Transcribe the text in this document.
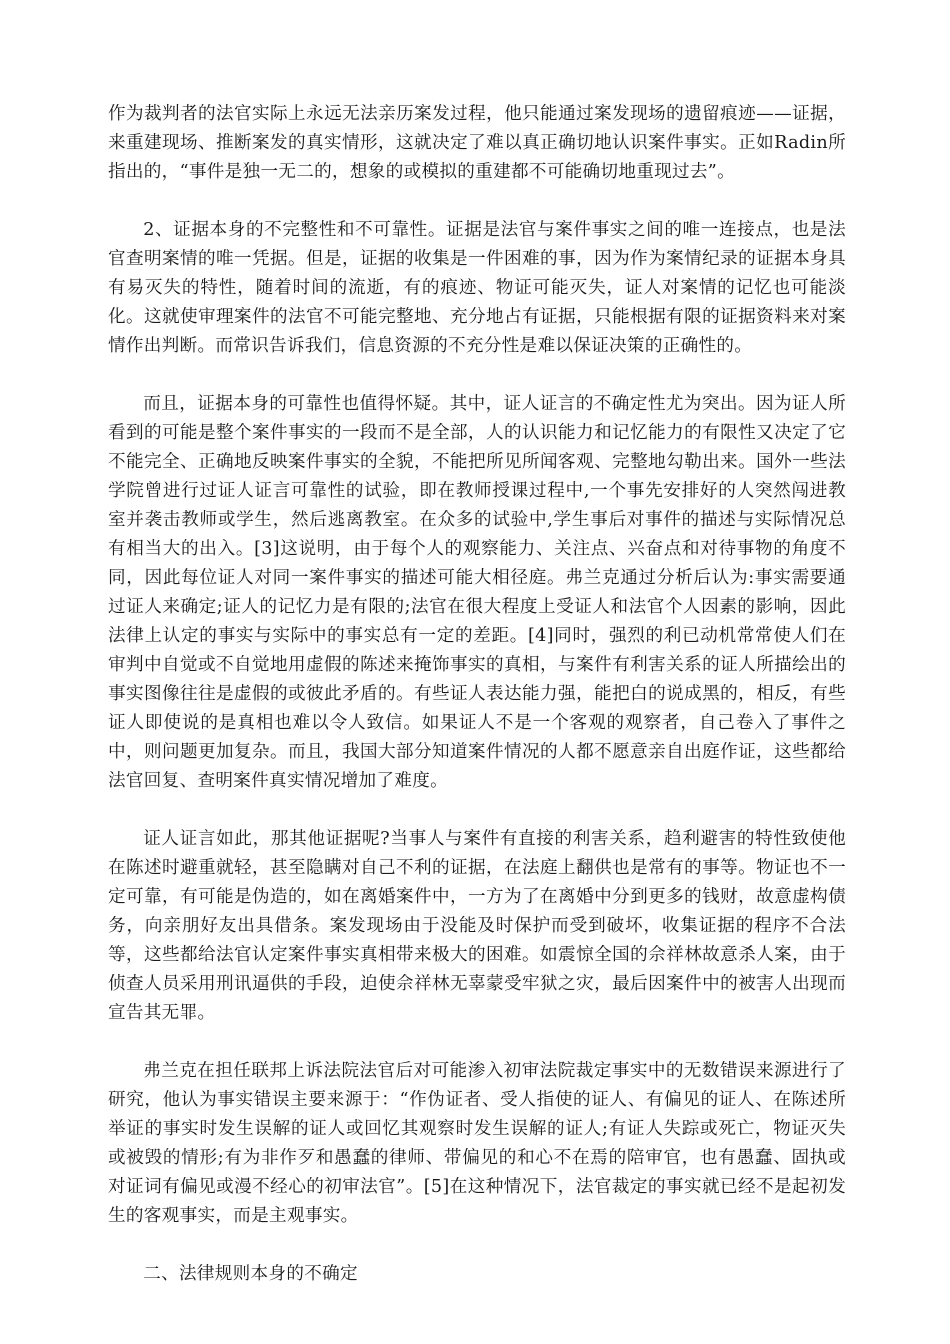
作为裁判者的法官实际上永远无法亲历案发过程，他只能通过案发现场的遗留痕迹——证据，来重建现场、推断案发的真实情形，这就决定了难以真正确切地认识案件事实。正如Radin所指出的，“事件是独一无二的，想象的或模拟的重建都不可能确切地重现过去”。

2、证据本身的不完整性和不可靠性。证据是法官与案件事实之间的唯一连接点，也是法官查明案情的唯一凭据。但是，证据的收集是一件困难的事，因为作为案情纪录的证据本身具有易灭失的特性，随着时间的流逝，有的痕迹、物证可能灭失，证人对案情的记忆也可能淡化。这就使审理案件的法官不可能完整地、充分地占有证据，只能根据有限的证据资料来对案情作出判断。而常识告诉我们，信息资源的不充分性是难以保证决策的正确性的。

而且，证据本身的可靠性也值得怀疑。其中，证人证言的不确定性尤为突出。因为证人所看到的可能是整个案件事实的一段而不是全部，人的认识能力和记忆能力的有限性又决定了它不能完全、正确地反映案件事实的全貌，不能把所见所闻客观、完整地勾勒出来。国外一些法学院曾进行过证人证言可靠性的试验，即在教师授课过程中,一个事先安排好的人突然闯进教室并袭击教师或学生，然后逃离教室。在众多的试验中,学生事后对事件的描述与实际情况总有相当大的出入。[3]这说明，由于每个人的观察能力、关注点、兴奋点和对待事物的角度不同，因此每位证人对同一案件事实的描述可能大相径庭。弗兰克通过分析后认为:事实需要通过证人来确定;证人的记忆力是有限的;法官在很大程度上受证人和法官个人因素的影响，因此法律上认定的事实与实际中的事实总有一定的差距。[4]同时，强烈的利已动机常常使人们在审判中自觉或不自觉地用虚假的陈述来掩饰事实的真相，与案件有利害关系的证人所描绘出的事实图像往往是虚假的或彼此矛盾的。有些证人表达能力强，能把白的说成黑的，相反，有些证人即使说的是真相也难以令人致信。如果证人不是一个客观的观察者，自己卷入了事件之中，则问题更加复杂。而且，我国大部分知道案件情况的人都不愿意亲自出庭作证，这些都给法官回复、查明案件真实情况增加了难度。

证人证言如此，那其他证据呢?当事人与案件有直接的利害关系，趋利避害的特性致使他在陈述时避重就轻，甚至隐瞒对自己不利的证据，在法庭上翻供也是常有的事等。物证也不一定可靠，有可能是伪造的，如在离婚案件中，一方为了在离婚中分到更多的钱财，故意虚构债务，向亲朋好友出具借条。案发现场由于没能及时保护而受到破坏，收集证据的程序不合法等，这些都给法官认定案件事实真相带来极大的困难。如震惊全国的佘祥林故意杀人案，由于侦查人员采用刑讯逼供的手段，迫使佘祥林无辜蒙受牢狱之灾，最后因案件中的被害人出现而宣告其无罪。

弗兰克在担任联邦上诉法院法官后对可能渗入初审法院裁定事实中的无数错误来源进行了研究，他认为事实错误主要来源于：“作伪证者、受人指使的证人、有偏见的证人、在陈述所举证的事实时发生误解的证人或回忆其观察时发生误解的证人;有证人失踪或死亡，物证灭失或被毁的情形;有为非作歹和愚蠢的律师、带偏见的和心不在焉的陪审官，也有愚蠢、固执或对证词有偏见或漫不经心的初审法官”。[5]在这种情况下，法官裁定的事实就已经不是起初发生的客观事实，而是主观事实。

二、法律规则本身的不确定
